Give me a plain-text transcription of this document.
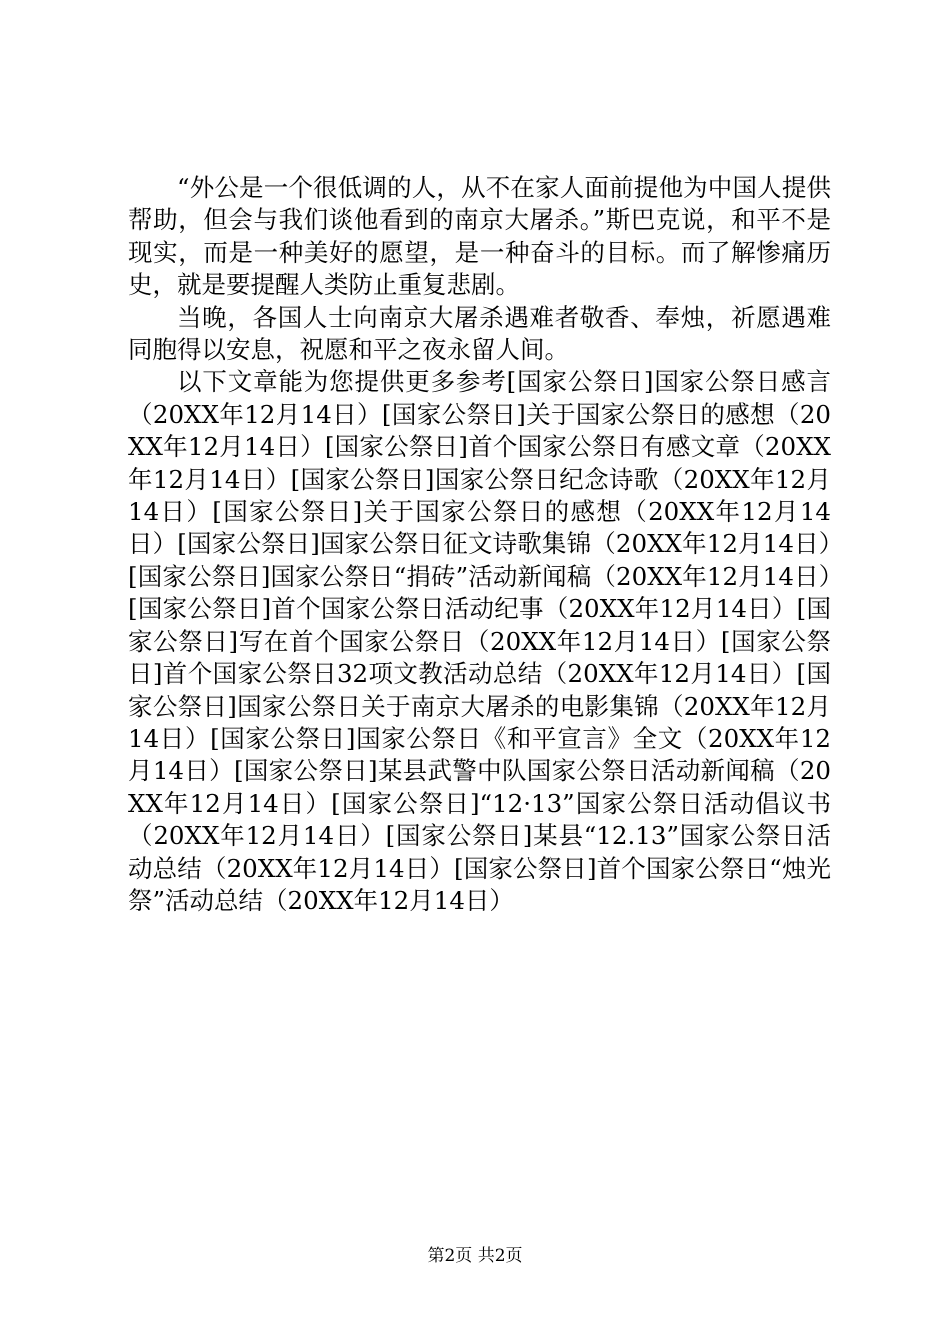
“外公是一个很低调的人，从不在家人面前提他为中国人提供帮助，但会与我们谈他看到的南京大屠杀。”斯巴克说，和平不是现实，而是一种美好的愿望，是一种奋斗的目标。而了解惨痛历史，就是要提醒人类防止重复悲剧。

当晚，各国人士向南京大屠杀遇难者敬香、奉烛，祈愿遇难同胞得以安息，祝愿和平之夜永留人间。

以下文章能为您提供更多参考[国家公祭日]国家公祭日感言（20XX年12月14日）[国家公祭日]关于国家公祭日的感想（20XX年12月14日）[国家公祭日]首个国家公祭日有感文章（20XX年12月14日）[国家公祭日]国家公祭日纪念诗歌（20XX年12月14日）[国家公祭日]关于国家公祭日的感想（20XX年12月14日）[国家公祭日]国家公祭日征文诗歌集锦（20XX年12月14日）[国家公祭日]国家公祭日“捐砖”活动新闻稿（20XX年12月14日）[国家公祭日]首个国家公祭日活动纪事（20XX年12月14日）[国家公祭日]写在首个国家公祭日（20XX年12月14日）[国家公祭日]首个国家公祭日32项文教活动总结（20XX年12月14日）[国家公祭日]国家公祭日关于南京大屠杀的电影集锦（20XX年12月14日）[国家公祭日]国家公祭日《和平宣言》全文（20XX年12月14日）[国家公祭日]某县武警中队国家公祭日活动新闻稿（20XX年12月14日）[国家公祭日]“12·13”国家公祭日活动倡议书（20XX年12月14日）[国家公祭日]某县“12.13”国家公祭日活动总结（20XX年12月14日）[国家公祭日]首个国家公祭日“烛光祭”活动总结（20XX年12月14日）

第2页 共2页
